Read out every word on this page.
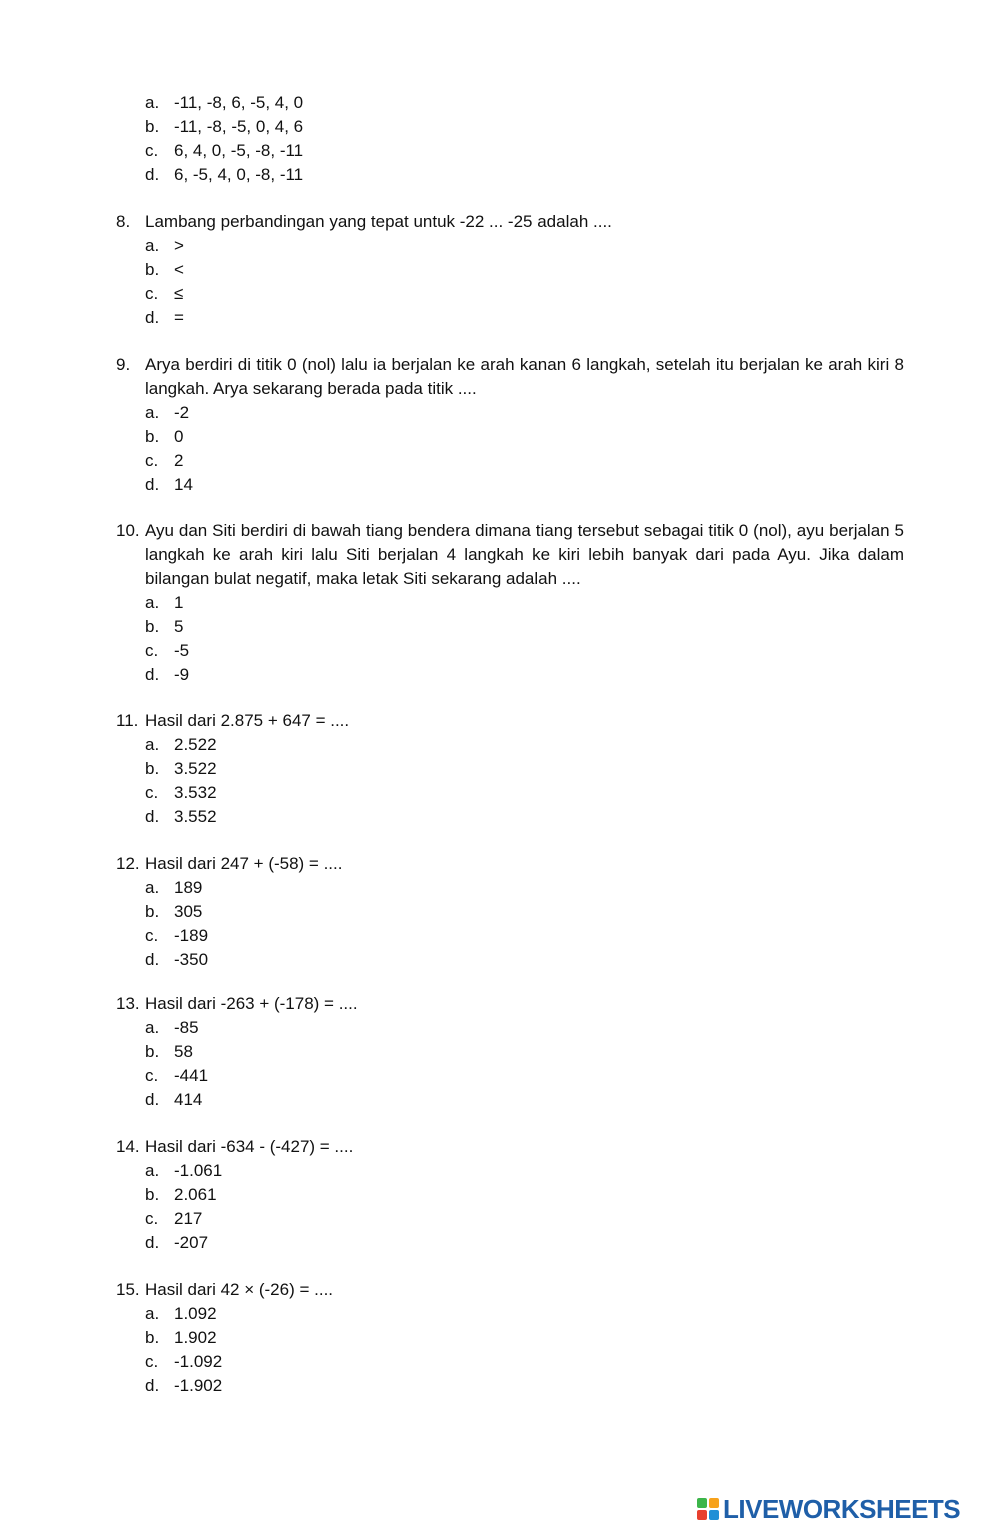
a. -11, -8, 6, -5, 4, 0
b. -11, -8, -5, 0, 4, 6
c. 6, 4, 0, -5, -8, -11
d. 6, -5, 4, 0, -8, -11
8. Lambang perbandingan yang tepat untuk -22 ... -25 adalah ....
a. >
b. <
c. ≤
d. =
9. Arya berdiri di titik 0 (nol) lalu ia berjalan ke arah kanan 6 langkah, setelah itu berjalan ke arah kiri 8 langkah. Arya sekarang berada pada titik ....
a. -2
b. 0
c. 2
d. 14
10. Ayu dan Siti berdiri di bawah tiang bendera dimana tiang tersebut sebagai titik 0 (nol), ayu berjalan 5 langkah ke arah kiri lalu Siti berjalan 4 langkah ke kiri lebih banyak dari pada Ayu. Jika dalam bilangan bulat negatif, maka letak Siti sekarang adalah ....
a. 1
b. 5
c. -5
d. -9
11. Hasil dari 2.875 + 647 = ....
a. 2.522
b. 3.522
c. 3.532
d. 3.552
12. Hasil dari 247 + (-58) = ....
a. 189
b. 305
c. -189
d. -350
13. Hasil dari -263 + (-178) = ....
a. -85
b. 58
c. -441
d. 414
14. Hasil dari -634 - (-427) = ....
a. -1.061
b. 2.061
c. 217
d. -207
15. Hasil dari 42 × (-26) = ....
a. 1.092
b. 1.902
c. -1.092
d. -1.902
LIVEWORKSHEETS
